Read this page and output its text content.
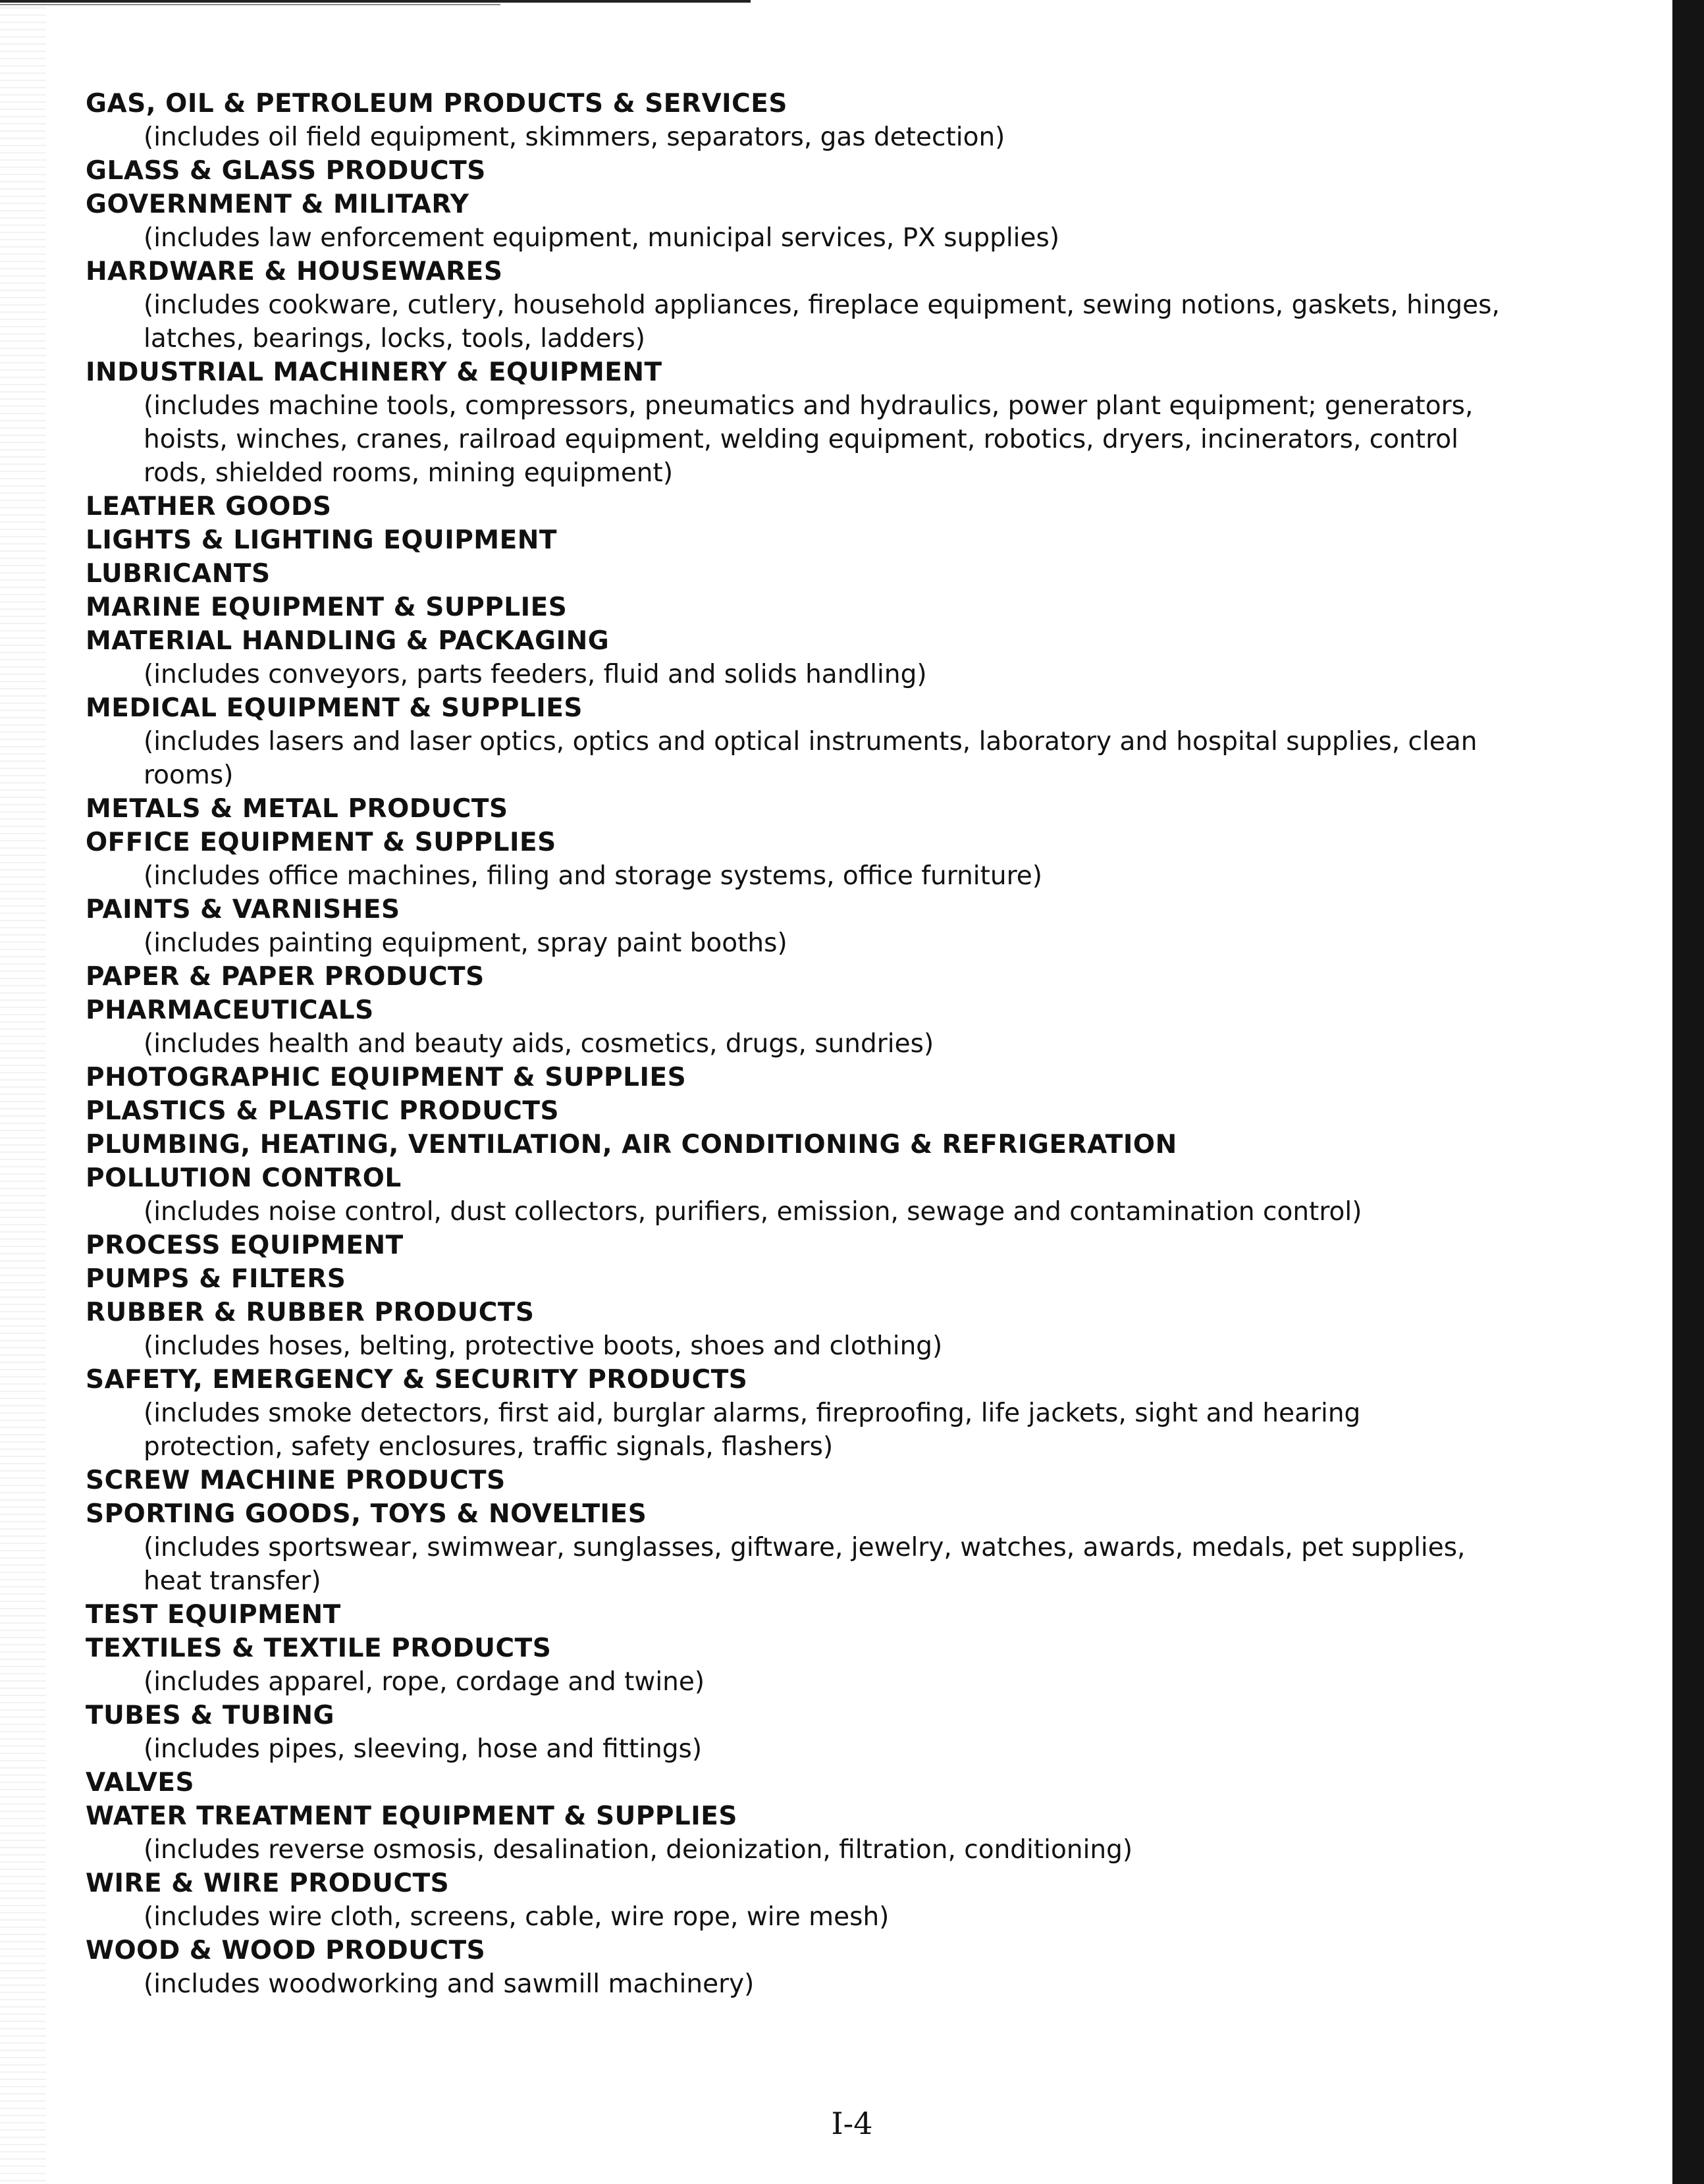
GAS, OIL & PETROLEUM PRODUCTS & SERVICES
(includes oil field equipment, skimmers, separators, gas detection)
GLASS & GLASS PRODUCTS
GOVERNMENT & MILITARY
(includes law enforcement equipment, municipal services, PX supplies)
HARDWARE & HOUSEWARES
(includes cookware, cutlery, household appliances, fireplace equipment, sewing notions, gaskets, hinges, latches, bearings, locks, tools, ladders)
INDUSTRIAL MACHINERY & EQUIPMENT
(includes machine tools, compressors, pneumatics and hydraulics, power plant equipment; generators, hoists, winches, cranes, railroad equipment, welding equipment, robotics, dryers, incinerators, control rods, shielded rooms, mining equipment)
LEATHER GOODS
LIGHTS & LIGHTING EQUIPMENT
LUBRICANTS
MARINE EQUIPMENT & SUPPLIES
MATERIAL HANDLING & PACKAGING
(includes conveyors, parts feeders, fluid and solids handling)
MEDICAL EQUIPMENT & SUPPLIES
(includes lasers and laser optics, optics and optical instruments, laboratory and hospital supplies, clean rooms)
METALS & METAL PRODUCTS
OFFICE EQUIPMENT & SUPPLIES
(includes office machines, filing and storage systems, office furniture)
PAINTS & VARNISHES
(includes painting equipment, spray paint booths)
PAPER & PAPER PRODUCTS
PHARMACEUTICALS
(includes health and beauty aids, cosmetics, drugs, sundries)
PHOTOGRAPHIC EQUIPMENT & SUPPLIES
PLASTICS & PLASTIC PRODUCTS
PLUMBING, HEATING, VENTILATION, AIR CONDITIONING & REFRIGERATION
POLLUTION CONTROL
(includes noise control, dust collectors, purifiers, emission, sewage and contamination control)
PROCESS EQUIPMENT
PUMPS & FILTERS
RUBBER & RUBBER PRODUCTS
(includes hoses, belting, protective boots, shoes and clothing)
SAFETY, EMERGENCY & SECURITY PRODUCTS
(includes smoke detectors, first aid, burglar alarms, fireproofing, life jackets, sight and hearing protection, safety enclosures, traffic signals, flashers)
SCREW MACHINE PRODUCTS
SPORTING GOODS, TOYS & NOVELTIES
(includes sportswear, swimwear, sunglasses, giftware, jewelry, watches, awards, medals, pet supplies, heat transfer)
TEST EQUIPMENT
TEXTILES & TEXTILE PRODUCTS
(includes apparel, rope, cordage and twine)
TUBES & TUBING
(includes pipes, sleeving, hose and fittings)
VALVES
WATER TREATMENT EQUIPMENT & SUPPLIES
(includes reverse osmosis, desalination, deionization, filtration, conditioning)
WIRE & WIRE PRODUCTS
(includes wire cloth, screens, cable, wire rope, wire mesh)
WOOD & WOOD PRODUCTS
(includes woodworking and sawmill machinery)
I-4
